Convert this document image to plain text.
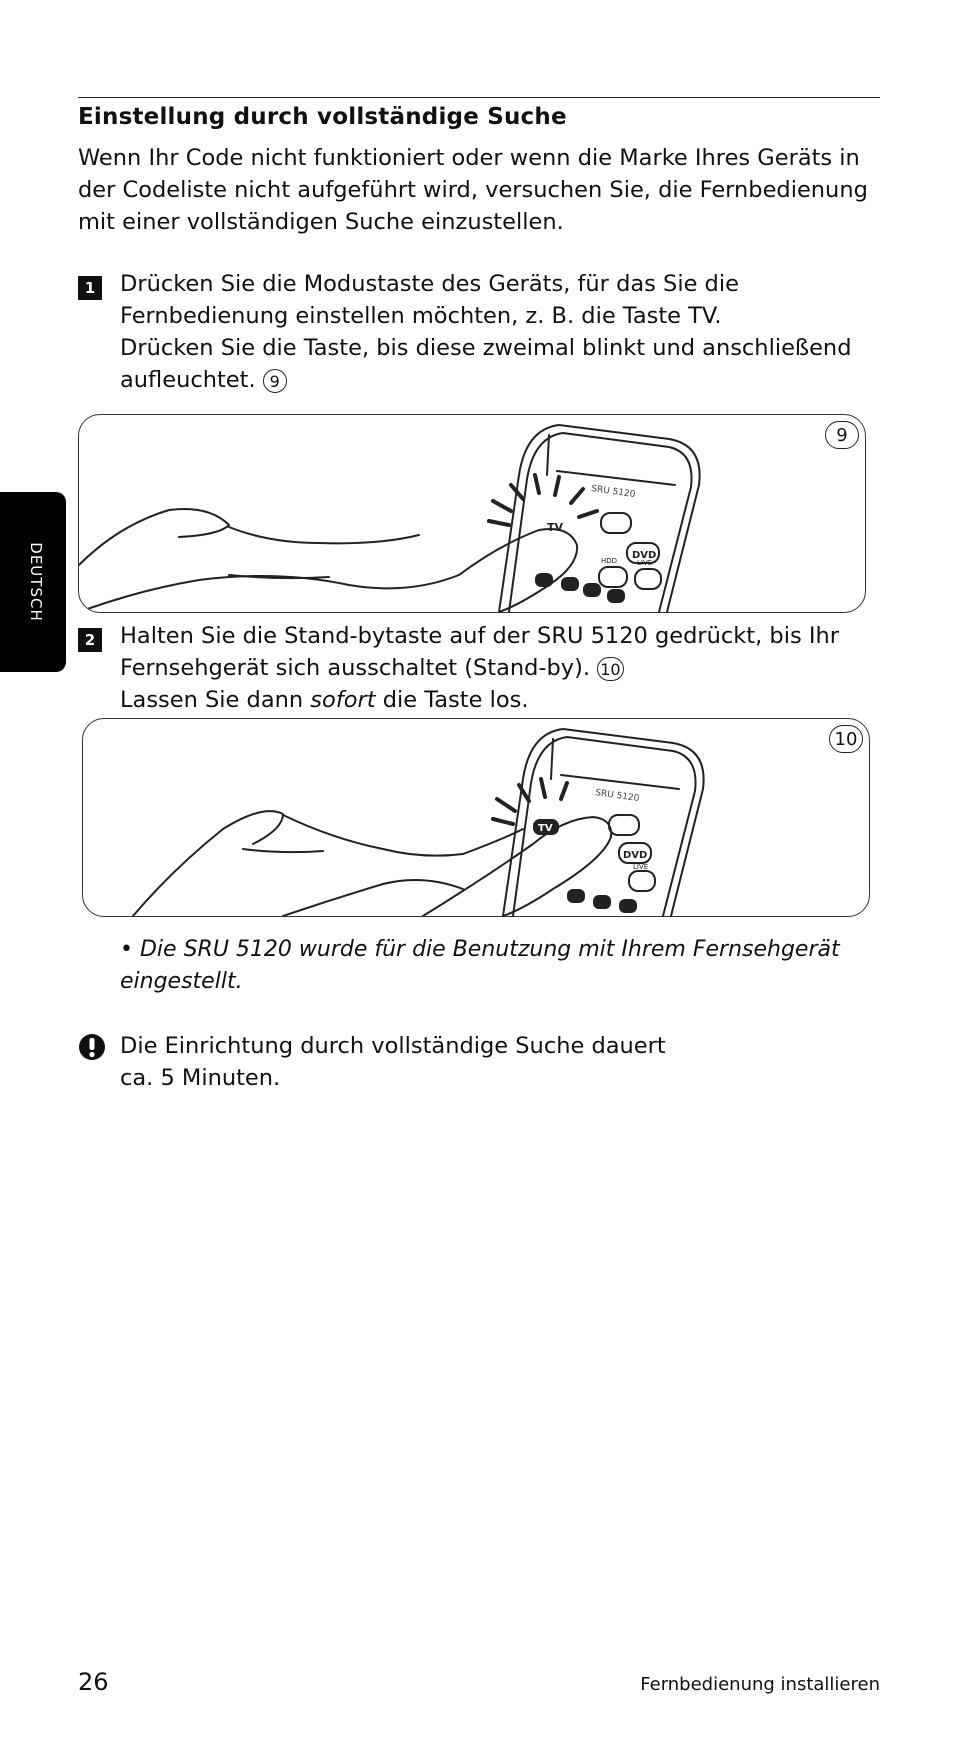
Einstellung durch vollständige Suche
Wenn Ihr Code nicht funktioniert oder wenn die Marke Ihres Geräts in der Codeliste nicht aufgeführt wird, versuchen Sie, die Fernbedienung mit einer vollständigen Suche einzustellen.
1	Drücken Sie die Modustaste des Geräts, für das Sie die Fernbedienung einstellen möchten, z. B. die Taste TV.
Drücken Sie die Taste, bis diese zweimal blinkt und anschließend aufleuchtet. 9
DEUTSCH
SRU 5120
TV
DVD
HDD	LIVE
9
2	Halten Sie die Stand-bytaste auf der SRU 5120 gedrückt, bis Ihr Fernsehgerät sich ausschaltet (Stand-by). 10
Lassen Sie dann sofort die Taste los.
SRU 5120
TV
DVD
LIVE
10
• Die SRU 5120 wurde für die Benutzung mit Ihrem Fernsehgerät eingestellt.
Die Einrichtung durch vollständige Suche dauert
ca. 5 Minuten.
26	Fernbedienung installieren
